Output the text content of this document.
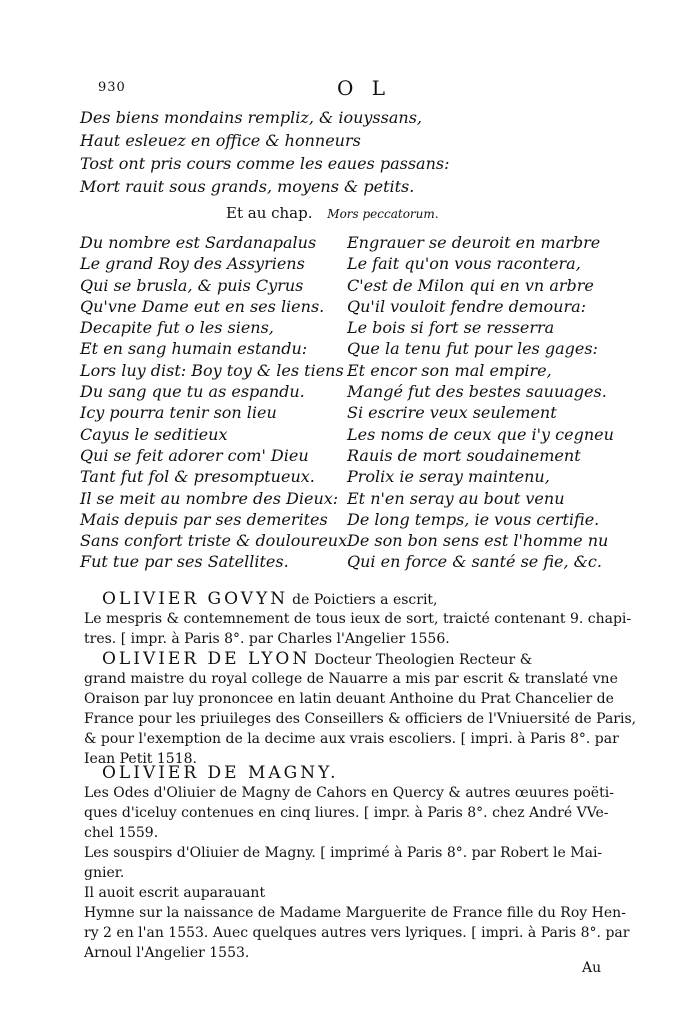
930	O L
Des biens mondains rempliz, & iouyssans,
Haut esleuez en office & honneurs
Tost ont pris cours comme les eaues passans:
Mort rauit sous grands, moyens & petits.
Et au chap. Mors peccatorum.
Du nombre est Sardanapalus
Le grand Roy des Assyriens
Qui se brusla, & puis Cyrus
Qu'vne Dame eut en ses liens.
Decapite fut o les siens,
Et en sang humain estandu:
Lors luy dist: Boy toy & les tiens
Du sang que tu as espandu.
Icy pourra tenir son lieu
Cayus le seditieux
Qui se feit adorer com' Dieu
Tant fut fol & presomptueux.
Il se meit au nombre des Dieux:
Mais depuis par ses demerites
Sans confort triste & douloureux
Fut tue par ses Satellites.
Engrauer se deuroit en marbre
Le fait qu'on vous racontera,
C'est de Milon qui en vn arbre
Qu'il vouloit fendre demoura:
Le bois si fort se resserra
Que la tenu fut pour les gages:
Et encor son mal empire,
Mangé fut des bestes sauuages.
Si escrire veux seulement
Les noms de ceux que i'y cegneu
Rauis de mort soudainement
Prolix ie seray maintenu,
Et n'en seray au bout venu
De long temps, ie vous certifie.
De son bon sens est l'homme nu
Qui en force & santé se fie, &c.
OLIVIER GOVYN de Poictiers a escrit,
Le mespris & contemnement de tous ieux de sort, traicté contenant 9. chapi-
tres. [ impr. à Paris 8°. par Charles l'Angelier 1556.
OLIVIER DE LYON Docteur Theologien Recteur &
grand maistre du royal college de Nauarre a mis par escrit & translaté vne
Oraison par luy prononcee en latin deuant Anthoine du Prat Chancelier de
France pour les priuileges des Conseillers & officiers de l'Vniuersité de Paris,
& pour l'exemption de la decime aux vrais escoliers. [ impri. à Paris 8°. par
Iean Petit 1518.
OLIVIER DE MAGNY.
Les Odes d'Oliuier de Magny de Cahors en Quercy & autres œuures poëti-
ques d'iceluy contenues en cinq liures. [ impr. à Paris 8°. chez André VVe-
chel 1559.
Les souspirs d'Oliuier de Magny. [ imprimé à Paris 8°. par Robert le Mai-
gnier.
Il auoit escrit auparauant
Hymne sur la naissance de Madame Marguerite de France fille du Roy Hen-
ry 2 en l'an 1553. Auec quelques autres vers lyriques. [ impri. à Paris 8°. par
Arnoul l'Angelier 1553.
Au
